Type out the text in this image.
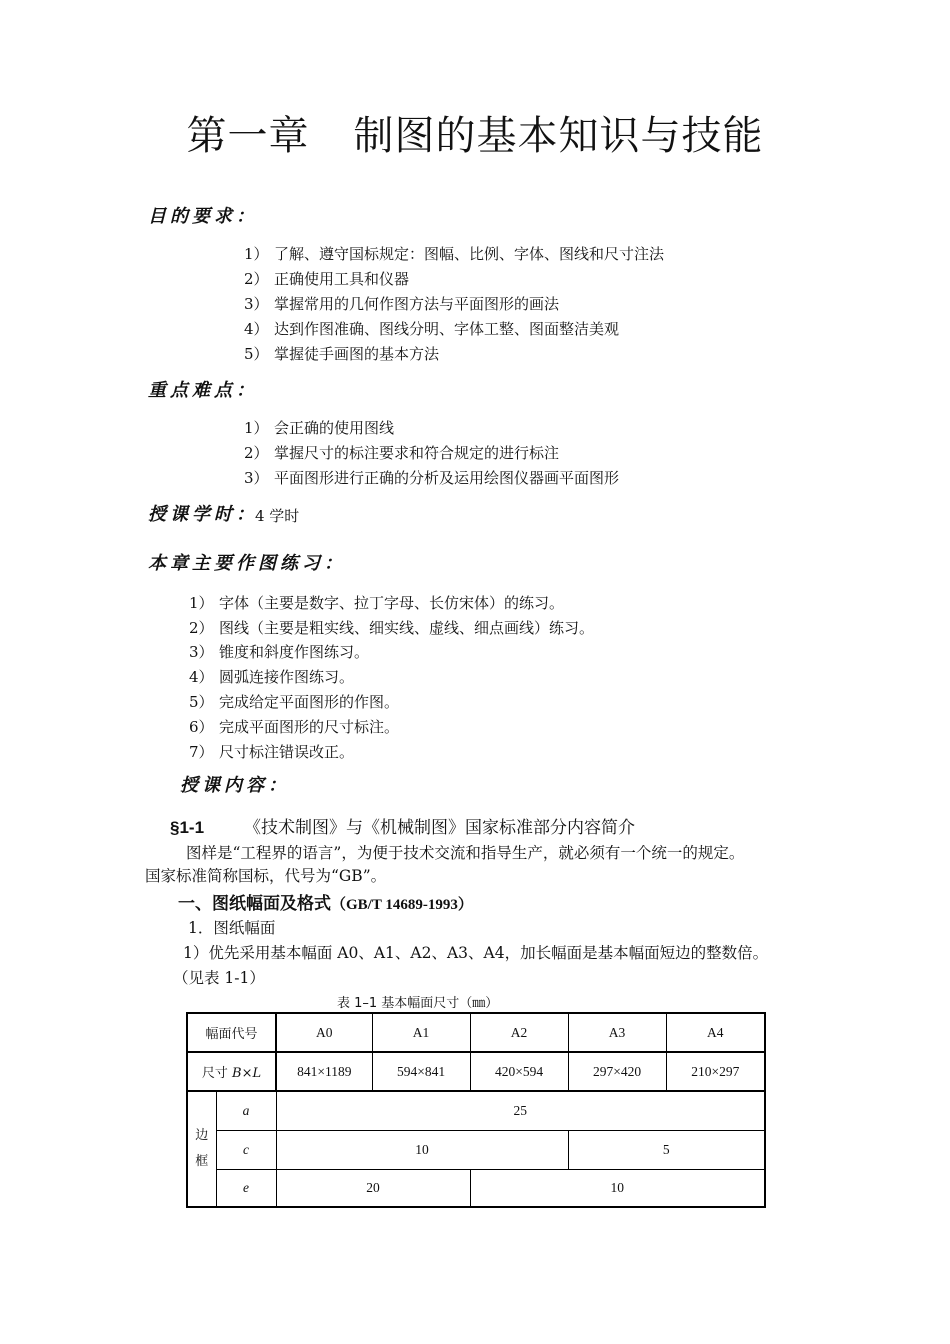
第一章 制图的基本知识与技能
目的要求：
1） 了解、遵守国标规定：图幅、比例、字体、图线和尺寸注法
2） 正确使用工具和仪器
3） 掌握常用的几何作图方法与平面图形的画法
4） 达到作图准确、图线分明、字体工整、图面整洁美观
5） 掌握徒手画图的基本方法
重点难点：
1） 会正确的使用图线
2） 掌握尺寸的标注要求和符合规定的进行标注
3） 平面图形进行正确的分析及运用绘图仪器画平面图形
授课学时：
4 学时
本章主要作图练习：
1） 字体（主要是数字、拉丁字母、长仿宋体）的练习。
2） 图线（主要是粗实线、细实线、虚线、细点画线）练习。
3） 锥度和斜度作图练习。
4） 圆弧连接作图练习。
5） 完成给定平面图形的作图。
6） 完成平面图形的尺寸标注。
7） 尺寸标注错误改正。
授课内容：
§1-1 《技术制图》与《机械制图》国家标准部分内容简介
图样是“工程界的语言”，为便于技术交流和指导生产，就必须有一个统一的规定。
国家标准简称国标，代号为“GB”。
一、图纸幅面及格式（GB/T 14689-1993）
1．图纸幅面
1）优先采用基本幅面 A0、A1、A2、A3、A4，加长幅面是基本幅面短边的整数倍。
（见表 1-1）
表 1–1 基本幅面尺寸（㎜）
幅面代号		A0	A1	A2	A3	A4
尺寸 B×L		841×1189	594×841	420×594	297×420	210×297
边
框	a	25				
	c	10			5	
	e	20		10		
